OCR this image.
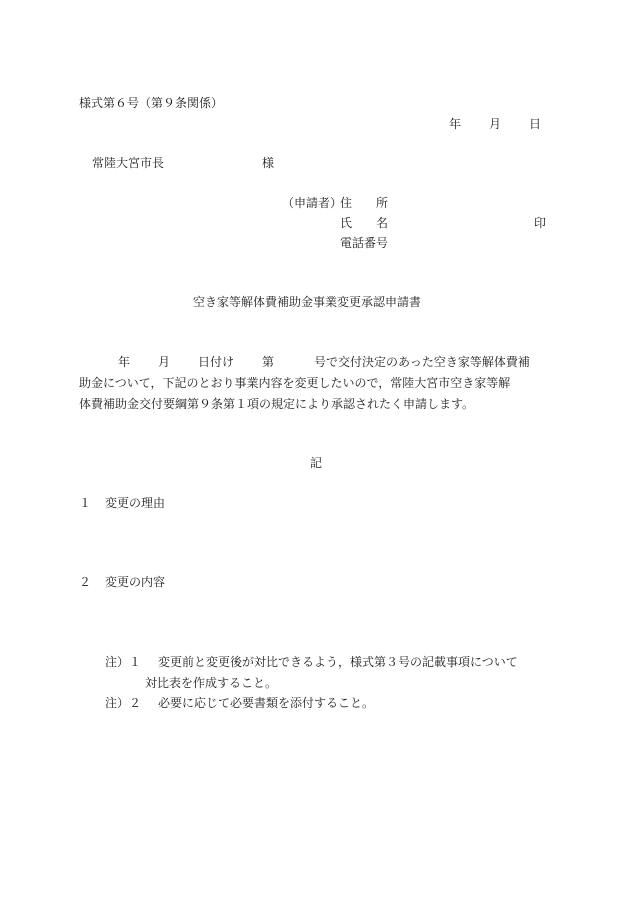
様式第６号（第９条関係）
年 月 日
常陸大宮市長	様
（申請者）
住　　所
氏　　名	印
電話番号
空き家等解体費補助金事業変更承認申請書
年 月 日付け 第	号で交付決定のあった空き家等解体費補
助金について，下記のとおり事業内容を変更したいので，常陸大宮市空き家等解
体費補助金交付要綱第９条第１項の規定により承認されたく申請します。
記
１ 変更の理由
２ 変更の内容
注）１ 変更前と変更後が対比できるよう，様式第３号の記載事項について
対比表を作成すること。
注）２ 必要に応じて必要書類を添付すること。
